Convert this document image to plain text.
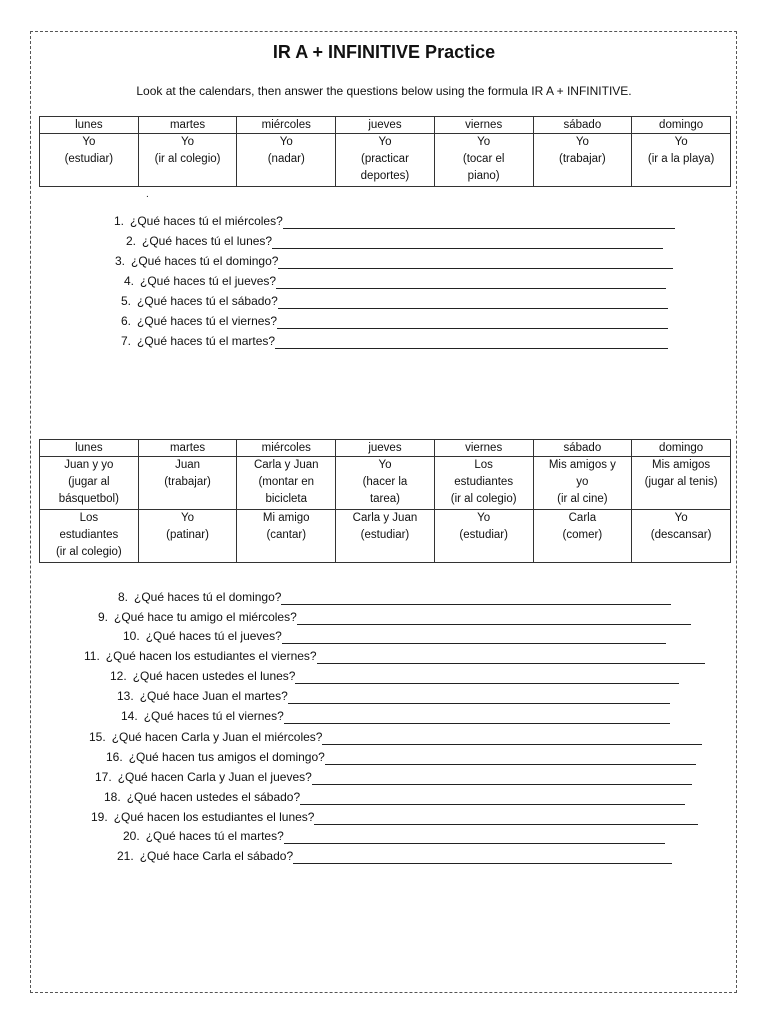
IR A + INFINITIVE Practice
Look at the calendars, then answer the questions below using the formula IR A + INFINITIVE.
lunes	martes	miércoles	jueves	viernes	sábado	domingo
Yo
(estudiar)	Yo
(ir al colegio)	Yo
(nadar)	Yo
(practicar
deportes)	Yo
(tocar el
piano)	Yo
(trabajar)	Yo
(ir a la playa)
.
1. ¿Qué haces tú el miércoles?
2. ¿Qué haces tú el lunes?
3. ¿Qué haces tú el domingo?
4. ¿Qué haces tú el jueves?
5. ¿Qué haces tú el sábado?
6. ¿Qué haces tú el viernes?
7. ¿Qué haces tú el martes?
lunes	martes	miércoles	jueves	viernes	sábado	domingo
Juan y yo
(jugar al
básquetbol)	Juan
(trabajar)	Carla y Juan
(montar en
bicicleta	Yo
(hacer la
tarea)	Los
estudiantes
(ir al colegio)	Mis amigos y
yo
(ir al cine)	Mis amigos
(jugar al tenis)
Los
estudiantes
(ir al colegio)	Yo
(patinar)	Mi amigo
(cantar)	Carla y Juan
(estudiar)	Yo
(estudiar)	Carla
(comer)	Yo
(descansar)
8. ¿Qué haces tú el domingo?
9. ¿Qué hace tu amigo el miércoles?
10. ¿Qué haces tú el jueves?
11. ¿Qué hacen los estudiantes el viernes?
12. ¿Qué hacen ustedes el lunes?
13. ¿Qué hace Juan el martes?
14. ¿Qué haces tú el viernes?
15. ¿Qué hacen Carla y Juan el miércoles?
16. ¿Qué hacen tus amigos el domingo?
17. ¿Qué hacen Carla y Juan el jueves?
18. ¿Qué hacen ustedes el sábado?
19. ¿Qué hacen los estudiantes el lunes?
20. ¿Qué haces tú el martes?
21. ¿Qué hace Carla el sábado?
